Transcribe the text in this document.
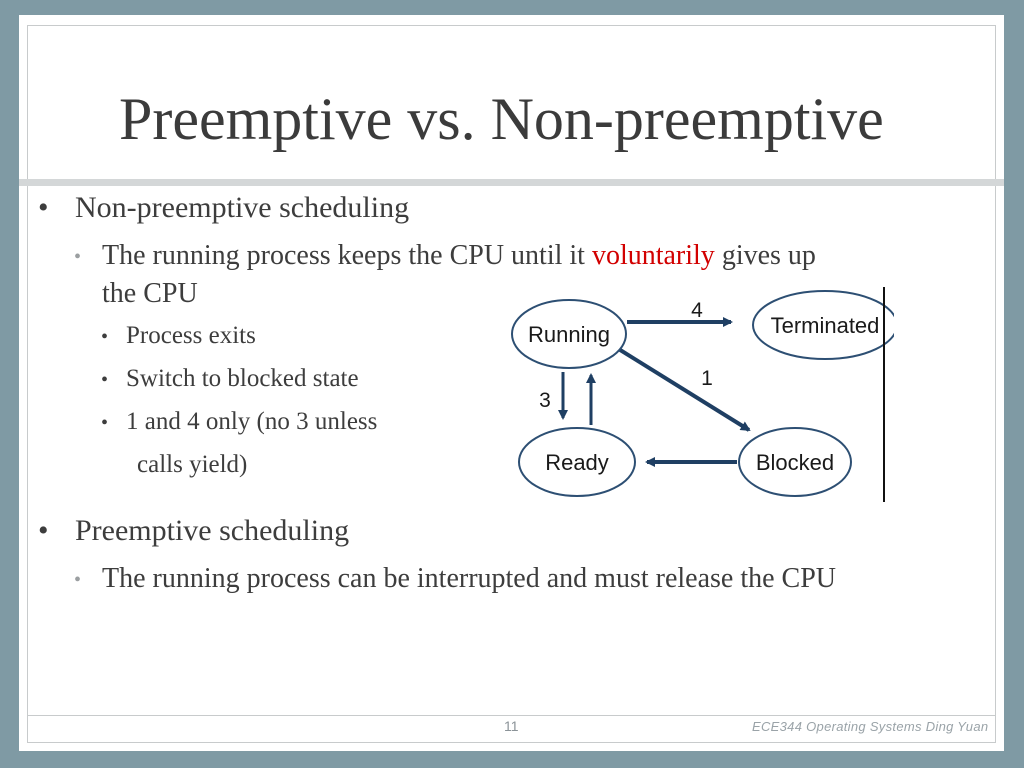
Preemptive vs. Non-preemptive
• Non-preemptive scheduling
• The running process keeps the CPU until it voluntarily gives up
the CPU
• Process exits
• Switch to blocked state
• 1 and 4 only (no 3 unless
calls yield)
Running	Terminated
Ready	Blocked
4
1
3
• Preemptive scheduling
• The running process can be interrupted and must release the CPU
11	ECE344 Operating Systems Ding Yuan
